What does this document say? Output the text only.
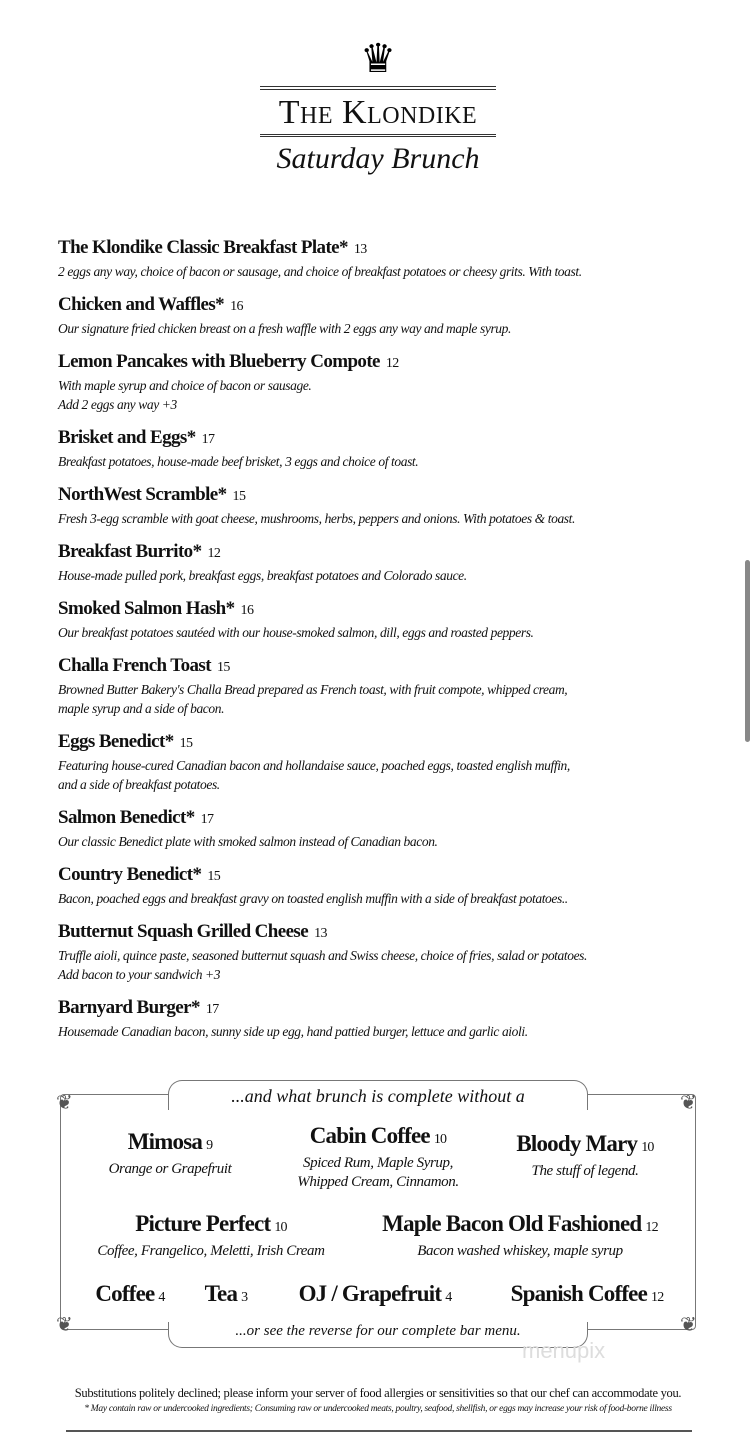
♛
The Klondike
Saturday Brunch
The Klondike Classic Breakfast Plate* 13
2 eggs any way, choice of bacon or sausage, and choice of breakfast potatoes or cheesy grits. With toast.
Chicken and Waffles* 16
Our signature fried chicken breast on a fresh waffle with 2 eggs any way and maple syrup.
Lemon Pancakes with Blueberry Compote 12
With maple syrup and choice of bacon or sausage.
Add 2 eggs any way +3
Brisket and Eggs* 17
Breakfast potatoes, house-made beef brisket, 3 eggs and choice of toast.
NorthWest Scramble* 15
Fresh 3-egg scramble with goat cheese, mushrooms, herbs, peppers and onions. With potatoes & toast.
Breakfast Burrito* 12
House-made pulled pork, breakfast eggs, breakfast potatoes and Colorado sauce.
Smoked Salmon Hash* 16
Our breakfast potatoes sautéed with our house-smoked salmon, dill, eggs and roasted peppers.
Challa French Toast 15
Browned Butter Bakery's Challa Bread prepared as French toast, with fruit compote, whipped cream,
maple syrup and a side of bacon.
Eggs Benedict* 15
Featuring house-cured Canadian bacon and hollandaise sauce, poached eggs, toasted english muffin,
and a side of breakfast potatoes.
Salmon Benedict* 17
Our classic Benedict plate with smoked salmon instead of Canadian bacon.
Country Benedict* 15
Bacon, poached eggs and breakfast gravy on toasted english muffin with a side of breakfast potatoes..
Butternut Squash Grilled Cheese 13
Truffle aioli, quince paste, seasoned butternut squash and Swiss cheese, choice of fries, salad or potatoes.
Add bacon to your sandwich +3
Barnyard Burger* 17
Housemade Canadian bacon, sunny side up egg, hand pattied burger, lettuce and garlic aioli.
❦	❦
❦	❦
...and what brunch is complete without a
Mimosa 9
Orange or Grapefruit
Cabin Coffee 10
Spiced Rum, Maple Syrup,
Whipped Cream, Cinnamon.
Bloody Mary 10
The stuff of legend.
Picture Perfect 10
Coffee, Frangelico, Meletti, Irish Cream
Maple Bacon Old Fashioned 12
Bacon washed whiskey, maple syrup
Coffee 4	Tea 3	OJ / Grapefruit 4	Spanish Coffee 12
...or see the reverse for our complete bar menu.
menupix
Substitutions politely declined; please inform your server of food allergies or sensitivities so that our chef can accommodate you.
* May contain raw or undercooked ingredients; Consuming raw or undercooked meats, poultry, seafood, shellfish, or eggs may increase your risk of food-borne illness
